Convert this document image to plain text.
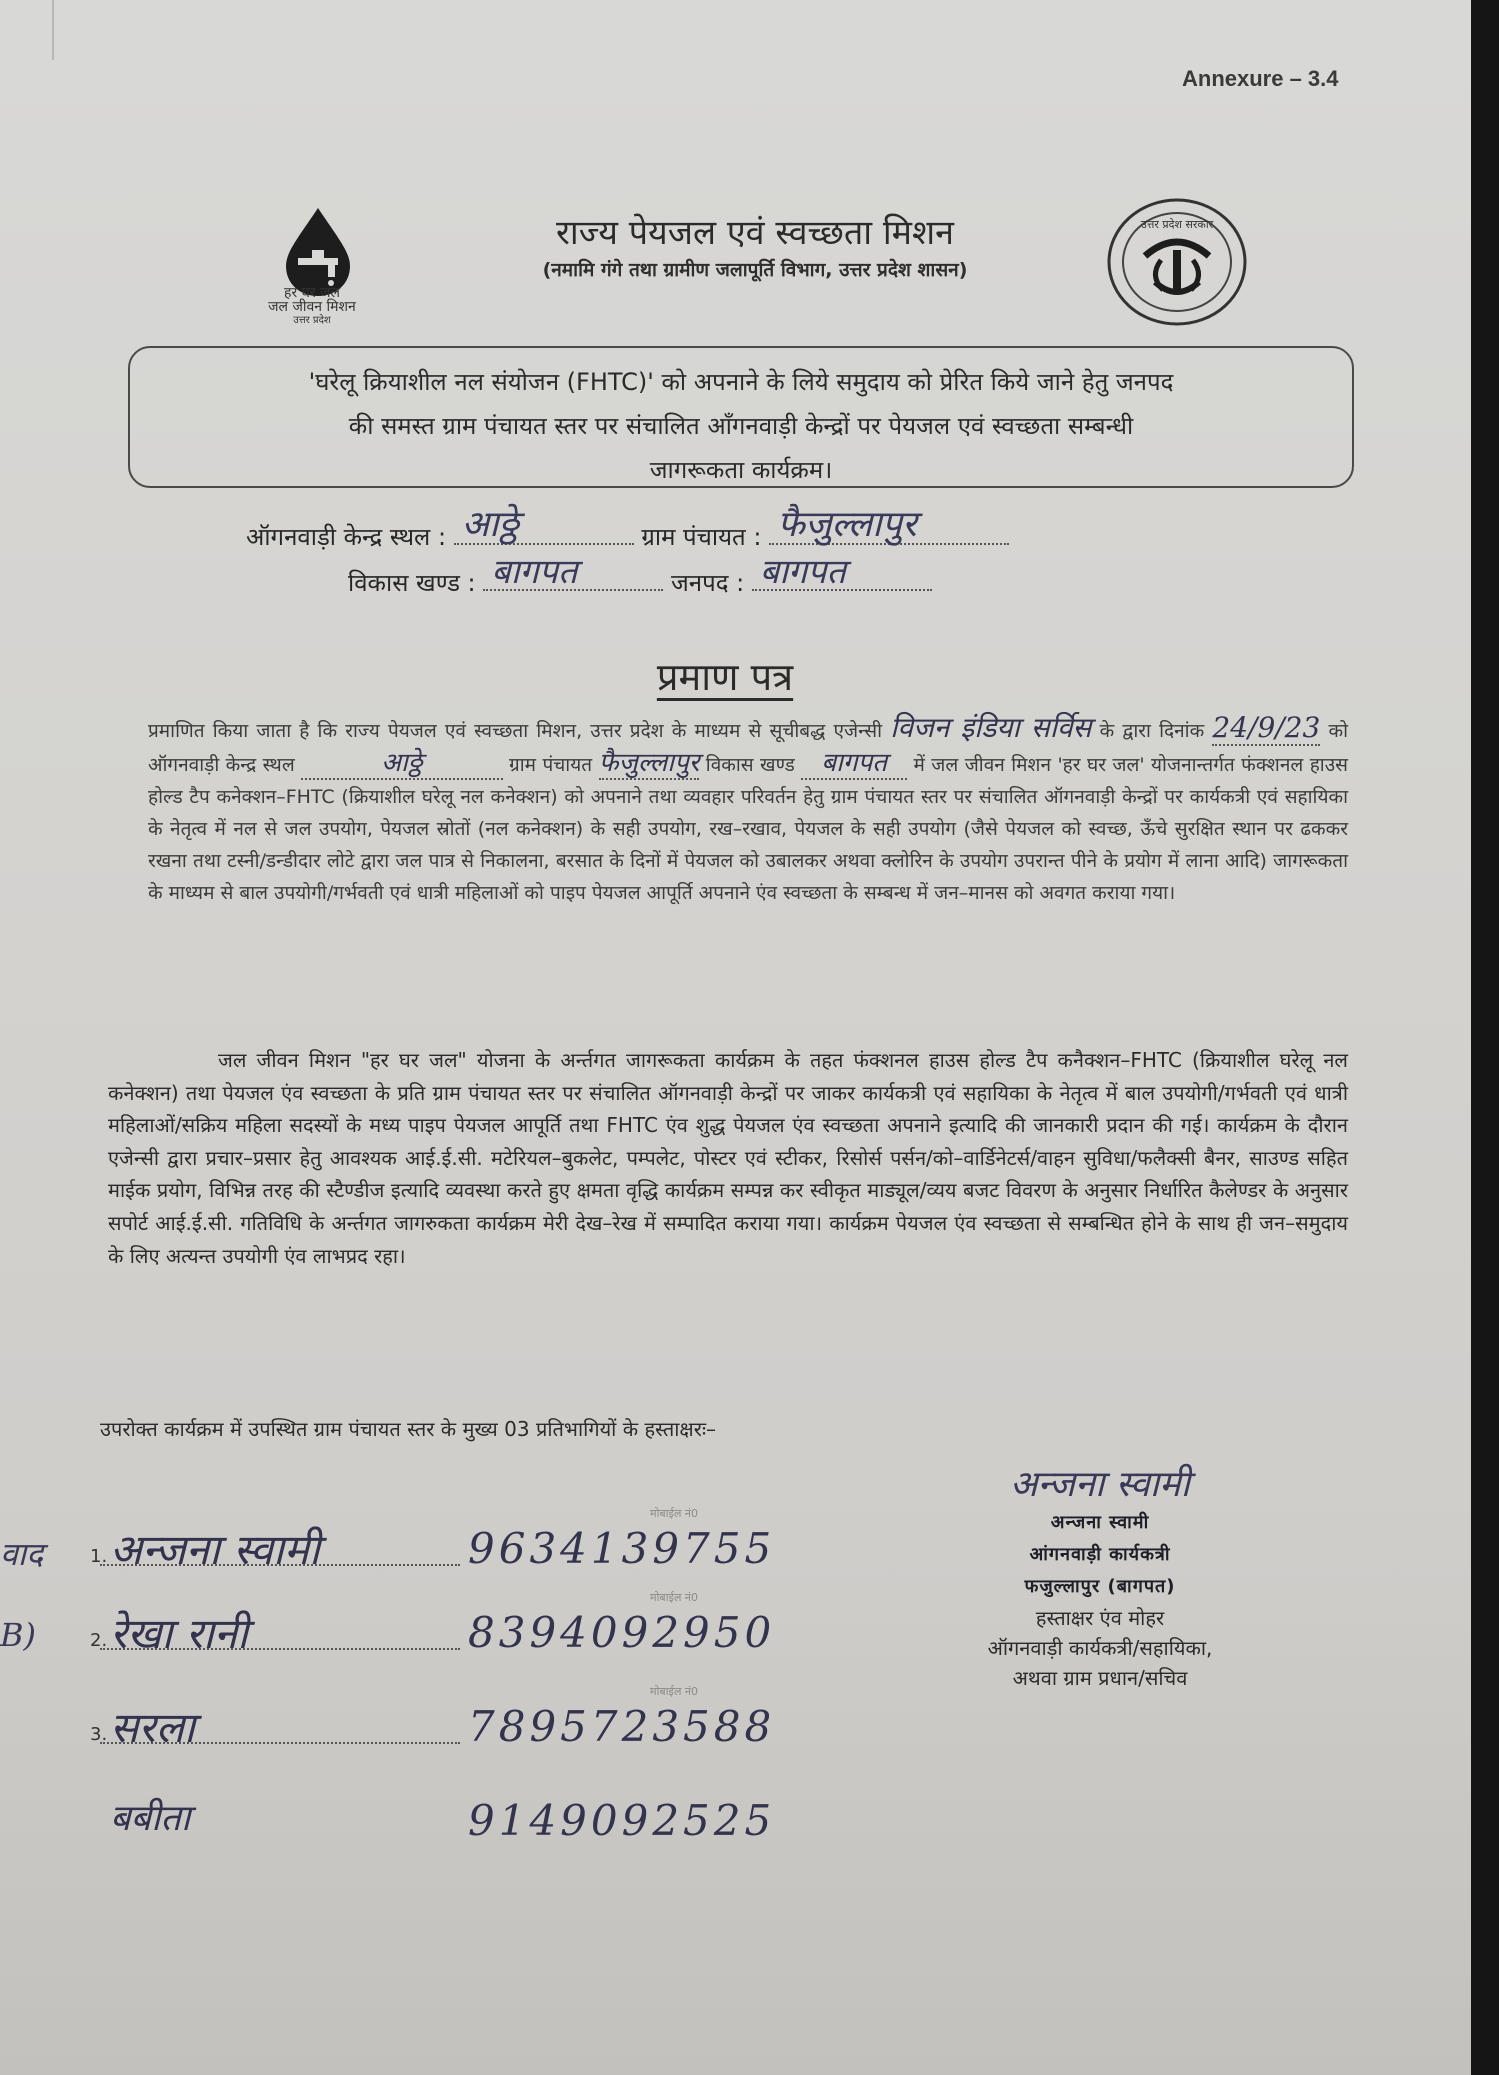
Annexure – 3.4
हर घर जल
जल जीवन मिशन
उत्तर प्रदेश
उत्तर प्रदेश सरकार
राज्य पेयजल एवं स्वच्छता मिशन
(नमामि गंगे तथा ग्रामीण जलापूर्ति विभाग, उत्तर प्रदेश शासन)
'घरेलू क्रियाशील नल संयोजन (FHTC)' को अपनाने के लिये समुदाय को प्रेरित किये जाने हेतु जनपद
की समस्त ग्राम पंचायत स्तर पर संचालित आँगनवाड़ी केन्द्रों पर पेयजल एवं स्वच्छता सम्बन्धी
जागरूकता कार्यक्रम।
ऑगनवाड़ी केन्द्र स्थल : आठ्ठे	ग्राम पंचायत : फैजुल्लापुर
विकास खण्ड : बागपत	जनपद : बागपत
प्रमाण पत्र
प्रमाणित किया जाता है कि राज्य पेयजल एवं स्वच्छता मिशन, उत्तर प्रदेश के माध्यम से सूचीबद्ध एजेन्सी विजन इंडिया सर्विस के द्वारा दिनांक 24/9/23 को ऑगनवाड़ी केन्द्र स्थल	आठ्ठे	ग्राम पंचायत फैजुल्लापुर विकास खण्ड बागपत में जल जीवन मिशन 'हर घर जल' योजनान्तर्गत फंक्शनल हाउस होल्ड टैप कनेक्शन–FHTC (क्रियाशील घरेलू नल कनेक्शन) को अपनाने तथा व्यवहार परिवर्तन हेतु ग्राम पंचायत स्तर पर संचालित ऑगनवाड़ी केन्द्रों पर कार्यकत्री एवं सहायिका के नेतृत्व में नल से जल उपयोग, पेयजल स्रोतों (नल कनेक्शन) के सही उपयोग, रख–रखाव, पेयजल के सही उपयोग (जैसे पेयजल को स्वच्छ, ऊँचे सुरक्षित स्थान पर ढककर रखना तथा टस्नी/डन्डीदार लोटे द्वारा जल पात्र से निकालना, बरसात के दिनों में पेयजल को उबालकर अथवा क्लोरिन के उपयोग उपरान्त पीने के प्रयोग में लाना आदि) जागरूकता के माध्यम से बाल उपयोगी/गर्भवती एवं धात्री महिलाओं को पाइप पेयजल आपूर्ति अपनाने एंव स्वच्छता के सम्बन्ध में जन–मानस को अवगत कराया गया।
जल जीवन मिशन "हर घर जल" योजना के अर्न्तगत जागरूकता कार्यक्रम के तहत फंक्शनल हाउस होल्ड टैप कनैक्शन–FHTC (क्रियाशील घरेलू नल कनेक्शन) तथा पेयजल एंव स्वच्छता के प्रति ग्राम पंचायत स्तर पर संचालित ऑगनवाड़ी केन्द्रों पर जाकर कार्यकत्री एवं सहायिका के नेतृत्व में बाल उपयोगी/गर्भवती एवं धात्री महिलाओं/सक्रिय महिला सदस्यों के मध्य पाइप पेयजल आपूर्ति तथा FHTC एंव शुद्ध पेयजल एंव स्वच्छता अपनाने इत्यादि की जानकारी प्रदान की गई। कार्यक्रम के दौरान एजेन्सी द्वारा प्रचार–प्रसार हेतु आवश्यक आई.ई.सी. मटेरियल–बुकलेट, पम्पलेट, पोस्टर एवं स्टीकर, रिसोर्स पर्सन/को–वार्डिनेटर्स/वाहन सुविधा/फलैक्सी बैनर, साउण्ड सहित माईक प्रयोग, विभिन्न तरह की स्टैण्डीज इत्यादि व्यवस्था करते हुए क्षमता वृद्धि कार्यक्रम सम्पन्न कर स्वीकृत माड्यूल/व्यय बजट विवरण के अनुसार निर्धारित कैलेण्डर के अनुसार सपोर्ट आई.ई.सी. गतिविधि के अर्न्तगत जागरुकता कार्यक्रम मेरी देख–रेख में सम्पादित कराया गया। कार्यक्रम पेयजल एंव स्वच्छता से सम्बन्धित होने के साथ ही जन–समुदाय के लिए अत्यन्त उपयोगी एंव लाभप्रद रहा।
उपरोक्त कार्यक्रम में उपस्थित ग्राम पंचायत स्तर के मुख्य 03 प्रतिभागियों के हस्ताक्षरः–
अन्जना स्वामी
अन्जना स्वामी
आंगनवाड़ी कार्यकत्री
फजुल्लापुर (बागपत)
हस्ताक्षर एंव मोहर
ऑगनवाड़ी कार्यकत्री/सहायिका,
अथवा ग्राम प्रधान/सचिव
वाद
B)
1. अन्जना स्वामी
मोबाईल नं0
9634139755
2. रेखा रानी
मोबाईल नं0
8394092950
3. सरला
मोबाईल नं0
7895723588
बबीता	9149092525
